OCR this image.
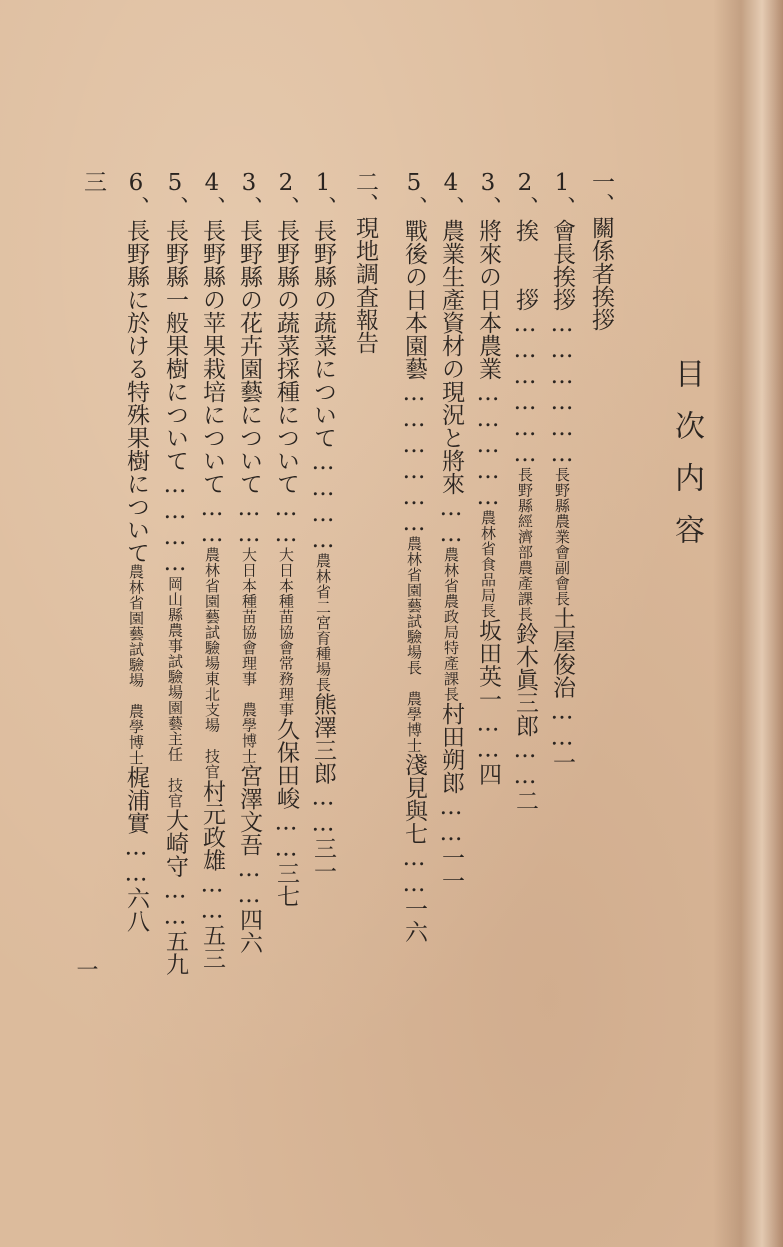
目次内容
一、關係者挨拶
1、會長挨拶………………長野縣農業會副會長土屋俊治……一
2、挨　　拶………………長野縣經濟部農產課長鈴木眞三郎……二
3、將來の日本農業……………農林省食品局長坂田英一……四
4、農業生產資材の現況と將來……農林省農政局特產課長村田朔郎……一一
5、戰後の日本園藝………………農林省園藝試驗場長　農學博士淺見與七……一六
二、現地調査報告
1、長野縣の蔬菜について…………農林省二宮育種場長熊澤三郎……三一
2、長野縣の蔬菜採種について……大日本種苗協會常務理事久保田峻……三七
3、長野縣の花卉園藝について……大日本種苗協會理事　農學博士宮澤文吾……四六
4、長野縣の苹果栽培について……農林省園藝試驗場東北支場　技官村元政雄……五三
5、長野縣一般果樹について…………岡山縣農事試驗場園藝主任　技官大崎守……五九
6、長野縣に於ける特殊果樹について農林省園藝試驗場　農學博士梶浦實……六八
三
一
